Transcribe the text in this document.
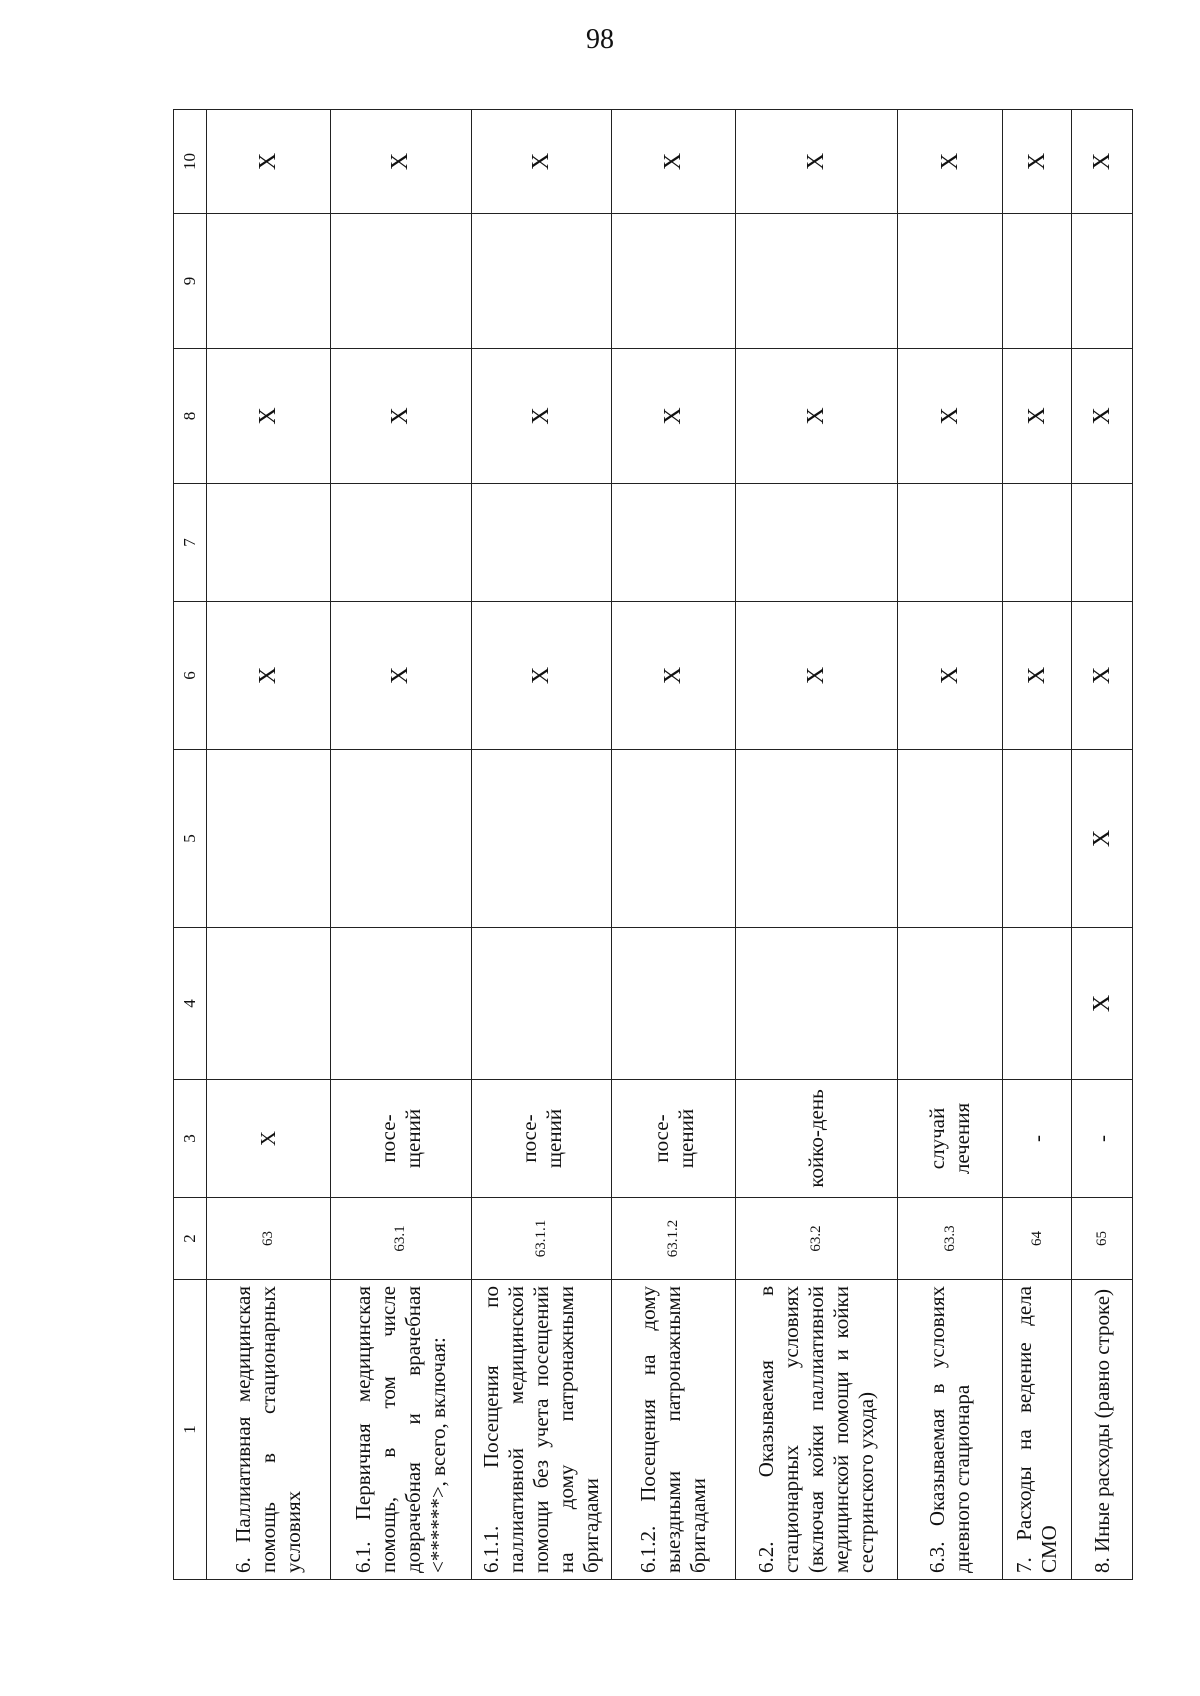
98
1	2	3	4	5	6	7	8	9	10
6. Паллиативная медицинская помощь в стационарных условиях	63	X			X		X		X
6.1. Первичная медицинская помощь, в том числе доврачебная и врачебная <******>, всего, включая:	63.1	посе-щений			X		X		X
6.1.1. Посещения по паллиативной медицинской помощи без учета посещений на дому патронажными бригадами	63.1.1	посе-щений			X		X		X
6.1.2. Посещения на дому выездными патронажными бригадами	63.1.2	посе-щений			X		X		X
6.2. Оказываемая в стационарных условиях (включая койки паллиативной медицинской помощи и койки сестринского ухода)	63.2	койко-день			X		X		X
6.3. Оказываемая в условиях дневного стационара	63.3	случай лечения			X		X		X
7. Расходы на ведение дела СМО	64	-			X		X		X
8. Иные расходы (равно строке)	65	-	X	X	X		X		X
